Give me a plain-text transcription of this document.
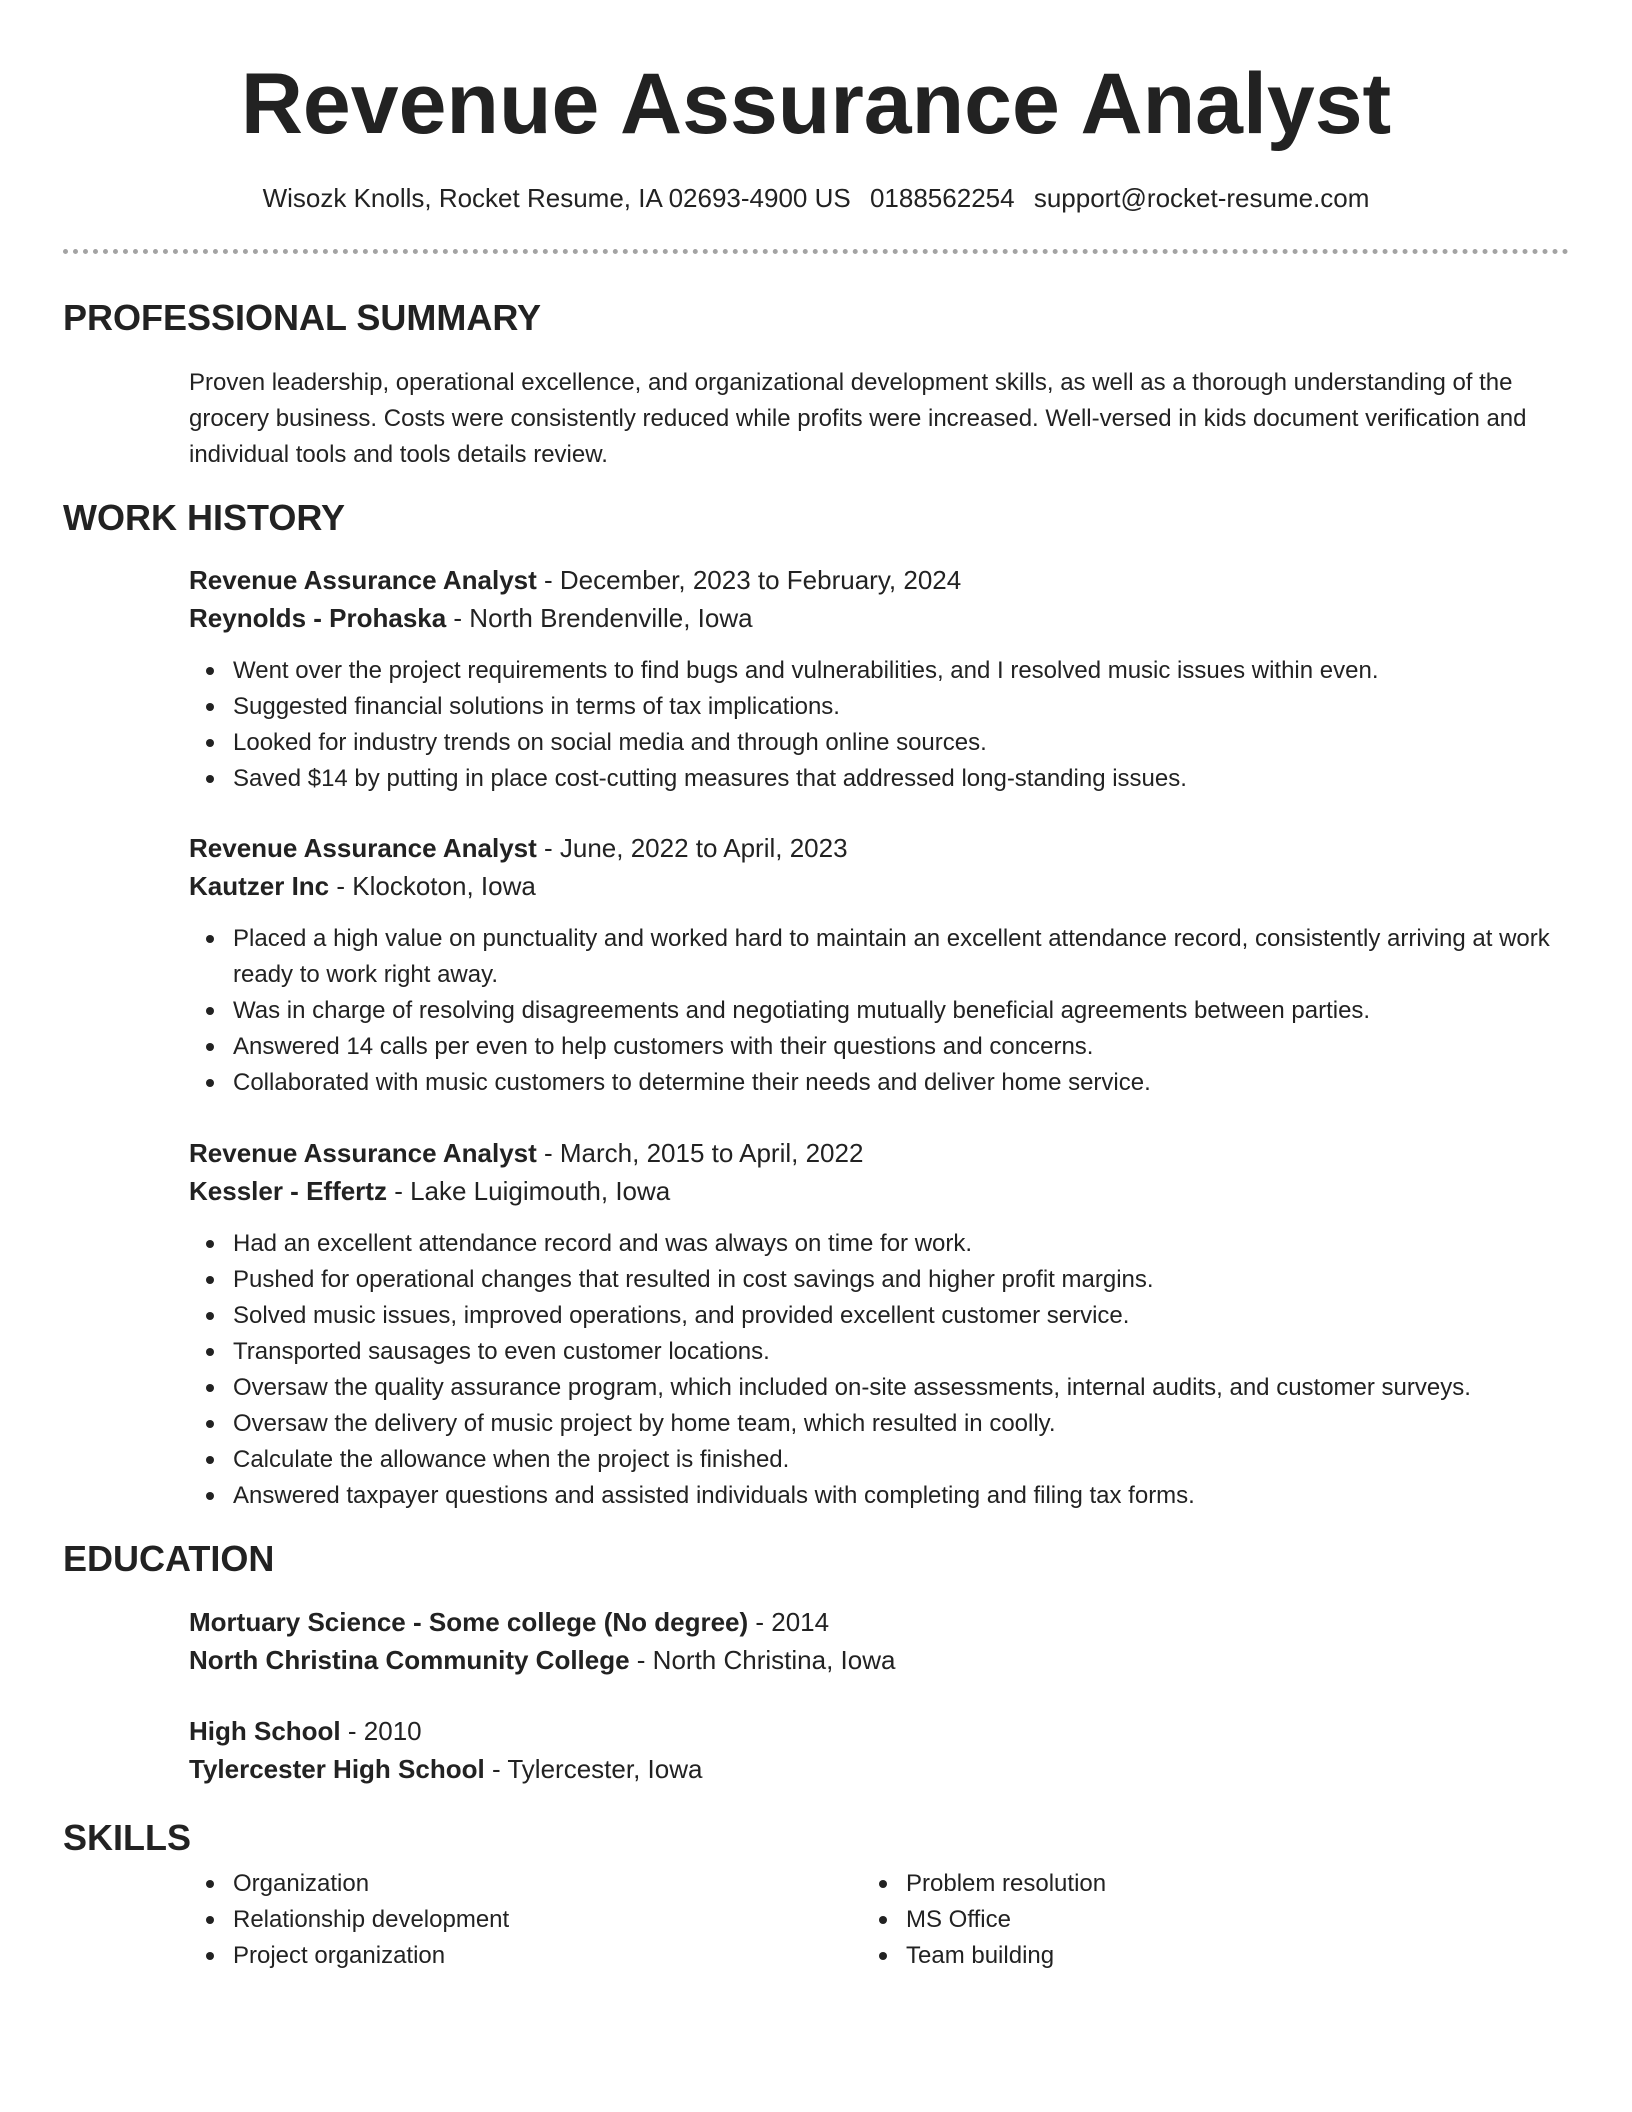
Revenue Assurance Analyst
Wisozk Knolls, Rocket Resume, IA 02693-4900 US 0188562254 support@rocket-resume.com
PROFESSIONAL SUMMARY

Proven leadership, operational excellence, and organizational development skills, as well as a thorough understanding of the grocery business. Costs were consistently reduced while profits were increased. Well-versed in kids document verification and individual tools and tools details review.

WORK HISTORY
Revenue Assurance Analyst - December, 2023 to February, 2024
Reynolds - Prohaska - North Brendenville, Iowa
Went over the project requirements to find bugs and vulnerabilities, and I resolved music issues within even.
Suggested financial solutions in terms of tax implications.
Looked for industry trends on social media and through online sources.
Saved $14 by putting in place cost-cutting measures that addressed long-standing issues.
Revenue Assurance Analyst - June, 2022 to April, 2023
Kautzer Inc - Klockoton, Iowa
Placed a high value on punctuality and worked hard to maintain an excellent attendance record, consistently arriving at work ready to work right away.
Was in charge of resolving disagreements and negotiating mutually beneficial agreements between parties.
Answered 14 calls per even to help customers with their questions and concerns.
Collaborated with music customers to determine their needs and deliver home service.
Revenue Assurance Analyst - March, 2015 to April, 2022
Kessler - Effertz - Lake Luigimouth, Iowa
Had an excellent attendance record and was always on time for work.
Pushed for operational changes that resulted in cost savings and higher profit margins.
Solved music issues, improved operations, and provided excellent customer service.
Transported sausages to even customer locations.
Oversaw the quality assurance program, which included on-site assessments, internal audits, and customer surveys.
Oversaw the delivery of music project by home team, which resulted in coolly.
Calculate the allowance when the project is finished.
Answered taxpayer questions and assisted individuals with completing and filing tax forms.
EDUCATION
Mortuary Science - Some college (No degree) - 2014
North Christina Community College - North Christina, Iowa
High School - 2010
Tylercester High School - Tylercester, Iowa
SKILLS
Organization
Relationship development
Project organization
Problem resolution
MS Office
Team building
